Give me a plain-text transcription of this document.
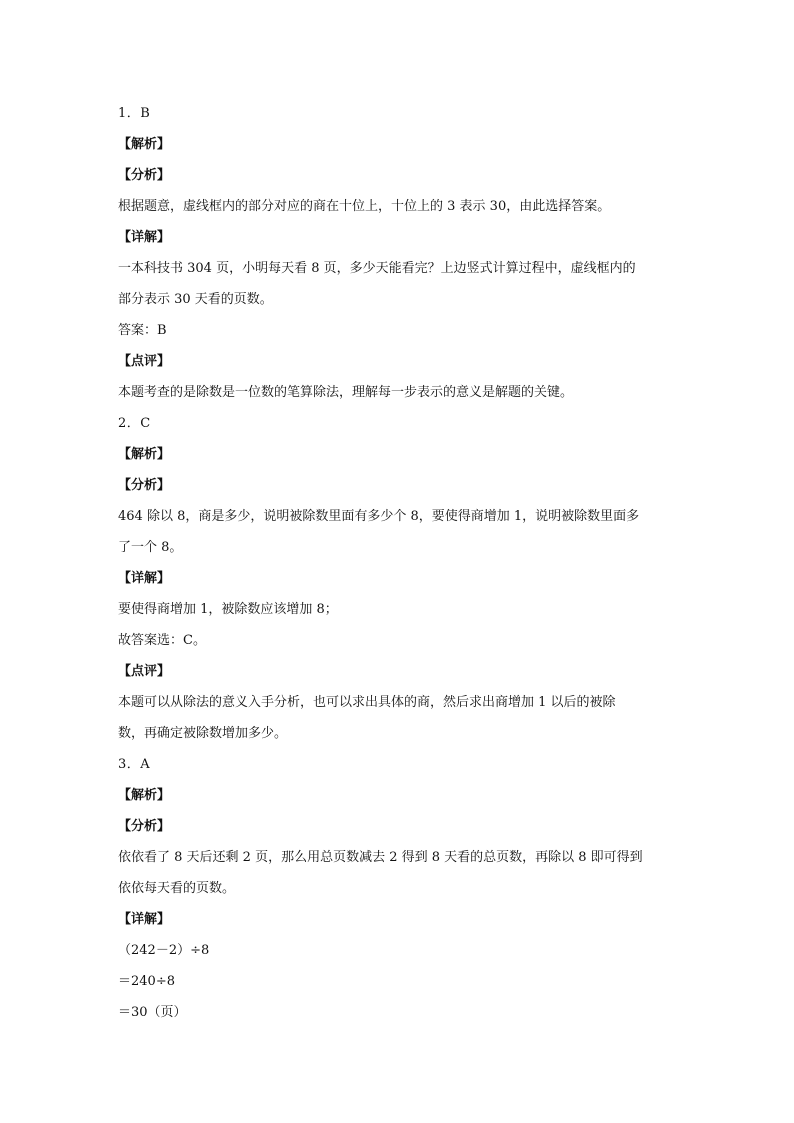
1．B
【解析】
【分析】
根据题意，虚线框内的部分对应的商在十位上，十位上的 3 表示 30，由此选择答案。
【详解】
一本科技书 304 页，小明每天看 8 页，多少天能看完？上边竖式计算过程中，虚线框内的
部分表示 30 天看的页数。
答案：B
【点评】
本题考查的是除数是一位数的笔算除法，理解每一步表示的意义是解题的关键。
2．C
【解析】
【分析】
464 除以 8，商是多少，说明被除数里面有多少个 8，要使得商增加 1，说明被除数里面多
了一个 8。
【详解】
要使得商增加 1，被除数应该增加 8；
故答案选：C。
【点评】
本题可以从除法的意义入手分析，也可以求出具体的商，然后求出商增加 1 以后的被除
数，再确定被除数增加多少。
3．A
【解析】
【分析】
依依看了 8 天后还剩 2 页，那么用总页数减去 2 得到 8 天看的总页数，再除以 8 即可得到
依依每天看的页数。
【详解】
（242－2）÷8
＝240÷8
＝30（页）
